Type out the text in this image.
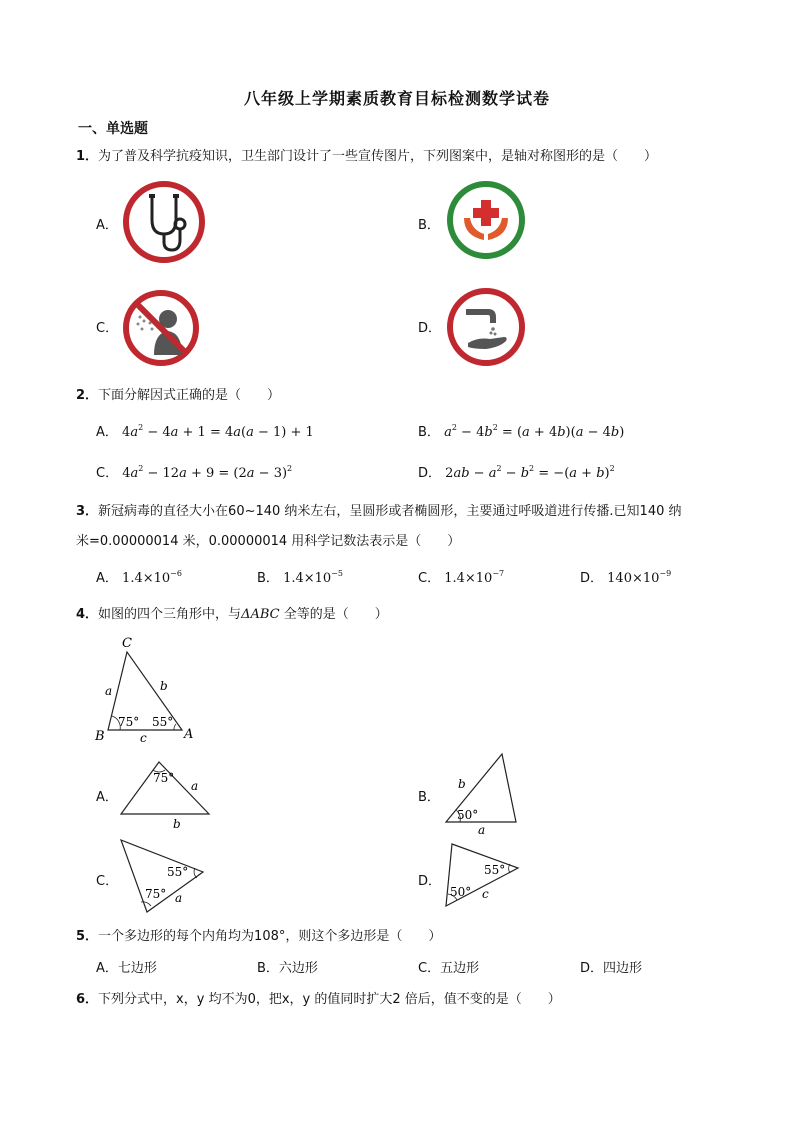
八年级上学期素质教育目标检测数学试卷
一、单选题
1．为了普及科学抗疫知识，卫生部门设计了一些宣传图片，下列图案中，是轴对称图形的是（　　）
A．	B．
C．	D．
2．下面分解因式正确的是（　　）
A． $4a^2 - 4a + 1 = 4a(a - 1) + 1$	B． $a^2 - 4b^2 = (a + 4b)(a - 4b)$
C． $4a^2 - 12a + 9 = (2a - 3)^2$	D． $2ab - a^2 - b^2 = -(a + b)^2$
3．新冠病毒的直径大小在60~140 纳米左右，呈圆形或者椭圆形，主要通过呼吸道进行传播.已知140 纳
米=0.00000014 米，0.00000014 用科学记数法表示是（　　）
A． $1.4\times 10^{-6}$	B． $1.4\times 10^{-5}$	C． $1.4\times 10^{-7}$	D． $140\times 10^{-9}$
4．如图的四个三角形中，与ΔABC 全等的是（　　）
C
B	A
a	b
c
75° 55°
A．
75°
a
b
B．
b
50°
a
C．
55°
75° a
D．
55°
50° c
5．一个多边形的每个内角均为108°，则这个多边形是（　　）
A．七边形	B．六边形	C．五边形	D．四边形
6．下列分式中，x，y 均不为0，把x，y 的值同时扩大2 倍后，值不变的是（　　）
